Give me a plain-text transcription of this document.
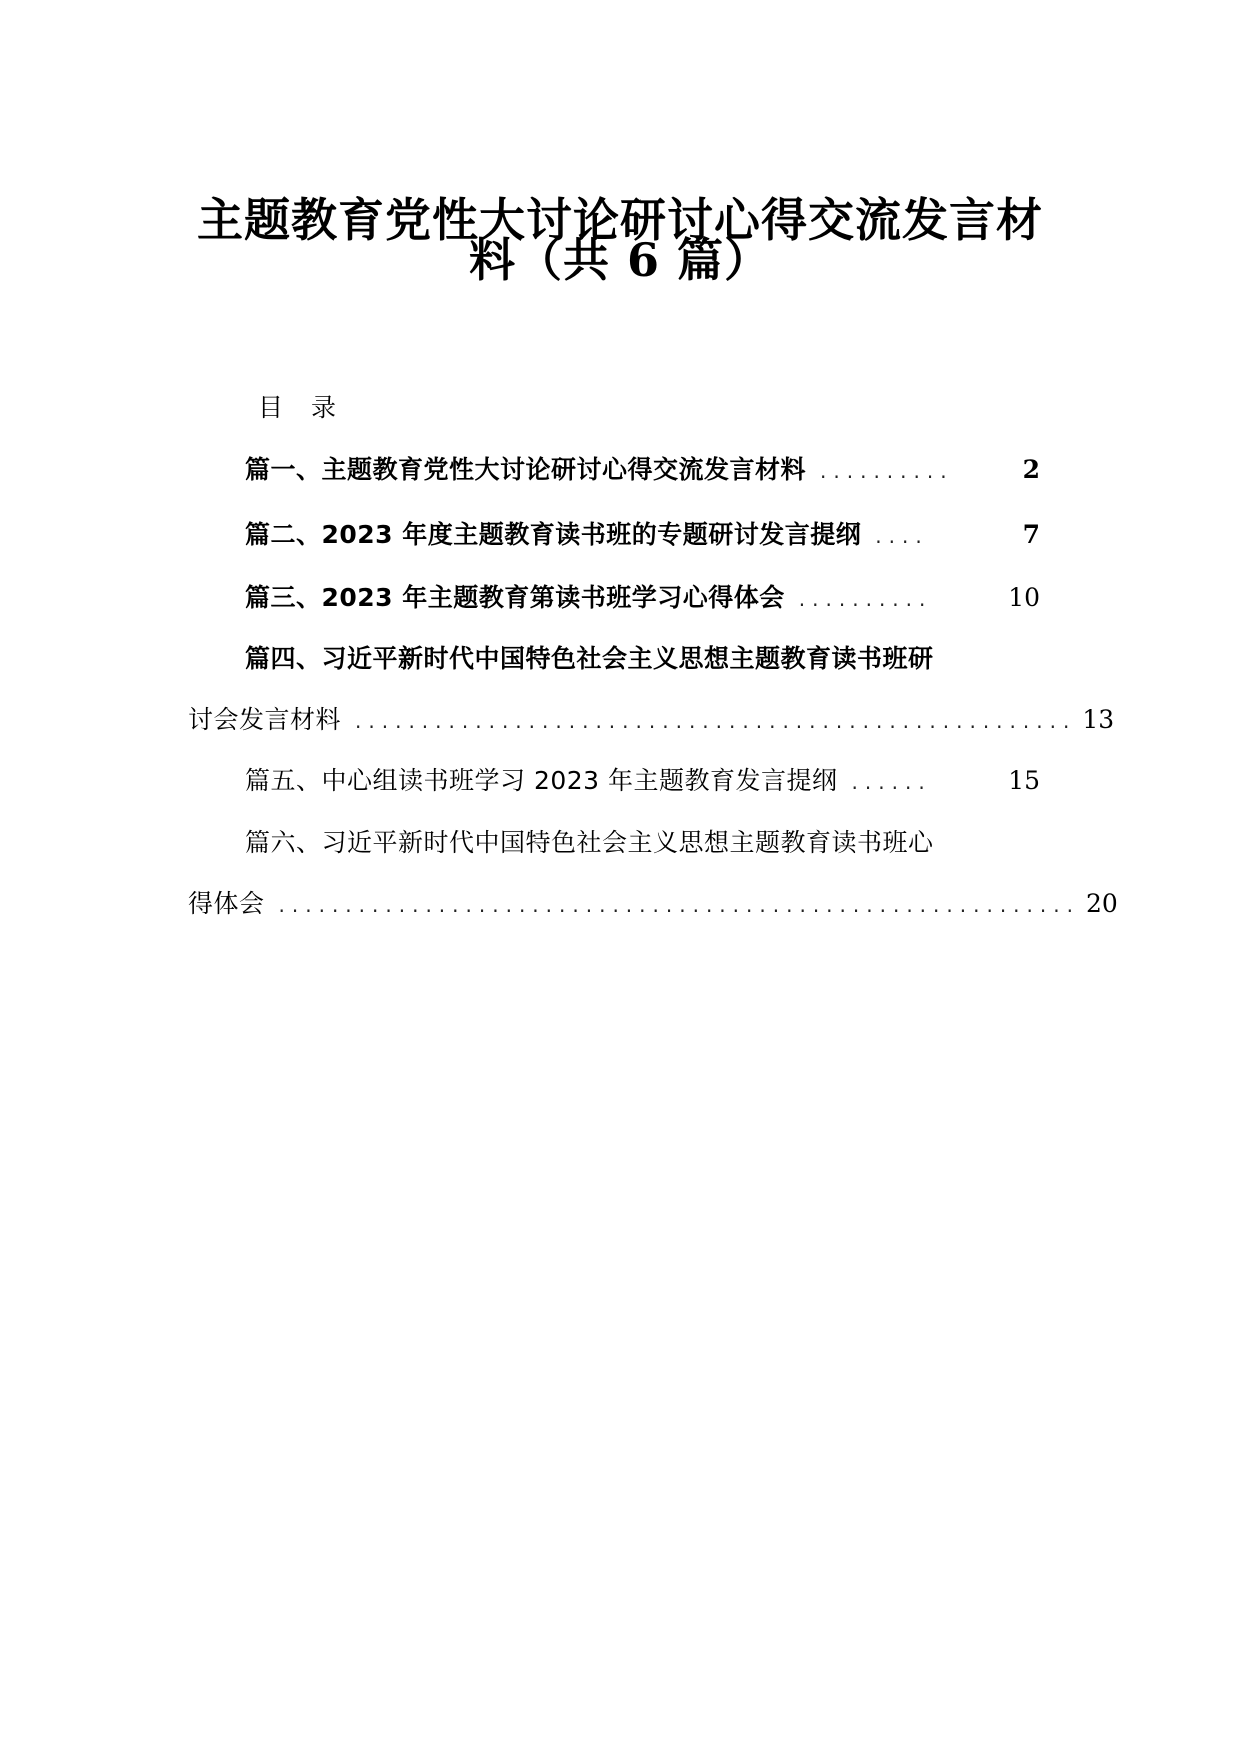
主题教育党性大讨论研讨心得交流发言材
料（共 6 篇）
目录
篇一、主题教育党性大讨论研讨心得交流发言材料 ..........	2
篇二、2023 年度主题教育读书班的专题研讨发言提纲 ....	7
篇三、2023 年主题教育第读书班学习心得体会 ..........	10
篇四、习近平新时代中国特色社会主义思想主题教育读书班研
讨会发言材料 ...................................................... 13
篇五、中心组读书班学习 2023 年主题教育发言提纲 ......	15
篇六、习近平新时代中国特色社会主义思想主题教育读书班心
得体会 ............................................................ 20
